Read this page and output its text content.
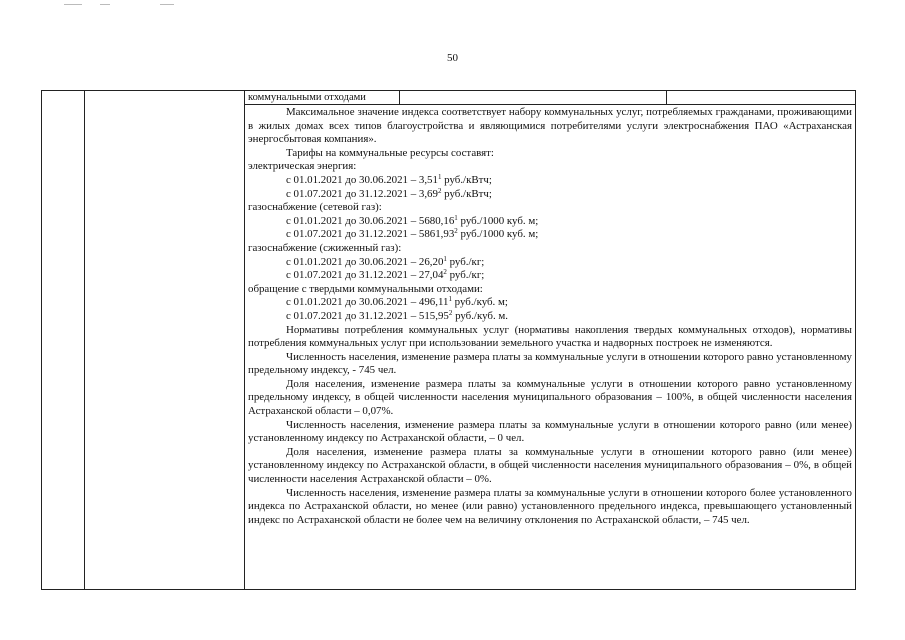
50
коммунальными отходами

Максимальное значение индекса соответствует набору коммунальных услуг, потребляемых гражданами, проживающими в жилых домах всех типов благоустройства и являющимися потребителями услуги электроснабжения ПАО «Астраханская энергосбытовая компания».

Тарифы на коммунальные ресурсы составят:

электрическая энергия:

с 01.01.2021 до 30.06.2021 – 3,51$^1$ руб./кВтч;

с 01.07.2021 до 31.12.2021 – 3,69$^2$ руб./кВтч;

газоснабжение (сетевой газ):

с 01.01.2021 до 30.06.2021 – 5680,16$^1$ руб./1000 куб. м;

с 01.07.2021 до 31.12.2021 – 5861,93$^2$ руб./1000 куб. м;

газоснабжение (сжиженный газ):

с 01.01.2021 до 30.06.2021 – 26,20$^1$ руб./кг;

с 01.07.2021 до 31.12.2021 – 27,04$^2$ руб./кг;

обращение с твердыми коммунальными отходами:

с 01.01.2021 до 30.06.2021 – 496,11$^1$ руб./куб. м;

с 01.07.2021 до 31.12.2021 – 515,95$^2$ руб./куб. м.

Нормативы потребления коммунальных услуг (нормативы накопления твердых коммунальных отходов), нормативы потребления коммунальных услуг при использовании земельного участка и надворных построек не изменяются.

Численность населения, изменение размера платы за коммунальные услуги в отношении которого равно установленному предельному индексу, - 745 чел.

Доля населения, изменение размера платы за коммунальные услуги в отношении которого равно установленному предельному индексу, в общей численности населения муниципального образования – 100%, в общей численности населения Астраханской области – 0,07%.

Численность населения, изменение размера платы за коммунальные услуги в отношении которого равно (или менее) установленному индексу по Астраханской области, – 0 чел.

Доля населения, изменение размера платы за коммунальные услуги в отношении которого равно (или менее) установленному индексу по Астраханской области, в общей численности населения муниципального образования – 0%, в общей численности населения Астраханской области – 0%.

Численность населения, изменение размера платы за коммунальные услуги в отношении которого более установленного индекса по Астраханской области, но менее (или равно) установленного предельного индекса, превышающего установленный индекс по Астраханской области не более чем на величину отклонения по Астраханской области, – 745 чел.
